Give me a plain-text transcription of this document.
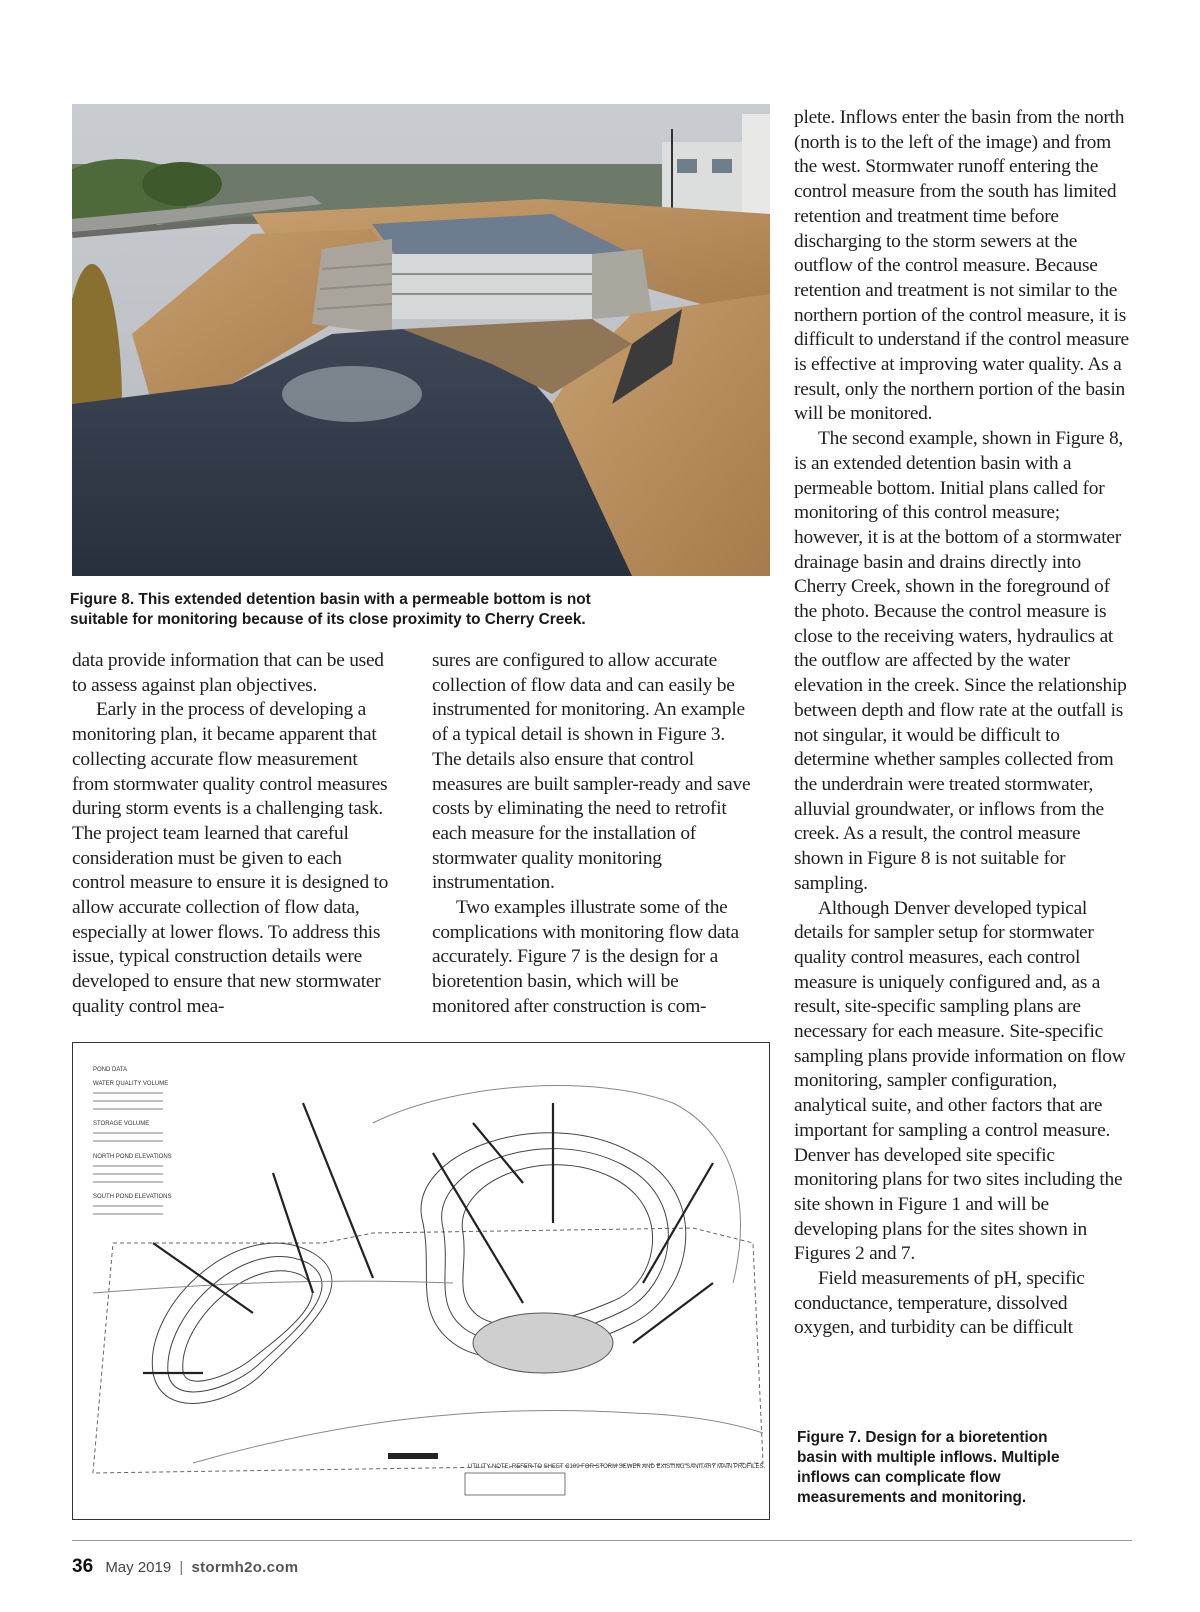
Figure 8. This extended detention basin with a permeable bottom is not
suitable for monitoring because of its close proximity to Cherry Creek.

data provide information that can be used to assess against plan objectives.

Early in the process of developing a monitoring plan, it became apparent that collecting accurate flow measurement from stormwater quality control measures during storm events is a challenging task. The project team learned that careful consideration must be given to each control measure to ensure it is designed to allow accurate collection of flow data, especially at lower flows. To address this issue, typical construction details were developed to ensure that new stormwater quality control mea-

sures are configured to allow accurate collection of flow data and can easily be instrumented for monitoring. An example of a typical detail is shown in Figure 3. The details also ensure that control measures are built sampler-ready and save costs by eliminating the need to retrofit each measure for the installation of stormwater quality monitoring instrumentation.

Two examples illustrate some of the complications with monitoring flow data accurately. Figure 7 is the design for a bioretention basin, which will be monitored after construction is com-

plete. Inflows enter the basin from the north (north is to the left of the image) and from the west. Stormwater runoff entering the control measure from the south has limited retention and treatment time before discharging to the storm sewers at the outflow of the control measure. Because retention and treatment is not similar to the northern portion of the control measure, it is difficult to understand if the control measure is effective at improving water quality. As a result, only the northern portion of the basin will be monitored.

The second example, shown in Figure 8, is an extended detention basin with a permeable bottom. Initial plans called for monitoring of this control measure; however, it is at the bottom of a stormwater drainage basin and drains directly into Cherry Creek, shown in the foreground of the photo. Because the control measure is close to the receiving waters, hydraulics at the outflow are affected by the water elevation in the creek. Since the relationship between depth and flow rate at the outfall is not singular, it would be difficult to determine whether samples collected from the underdrain were treated stormwater, alluvial groundwater, or inflows from the creek. As a result, the control measure shown in Figure 8 is not suitable for sampling.

Although Denver developed typical details for sampler setup for stormwater quality control measures, each control measure is uniquely configured and, as a result, site-specific sampling plans are necessary for each measure. Site-specific sampling plans provide information on flow monitoring, sampler configuration, analytical suite, and other factors that are important for sampling a control measure. Denver has developed site specific monitoring plans for two sites including the site shown in Figure 1 and will be developing plans for the sites shown in Figures 2 and 7.

Field measurements of pH, specific conductance, temperature, dissolved oxygen, and turbidity can be difficult

POND DATA
WATER QUALITY VOLUME
STORAGE VOLUME
NORTH POND ELEVATIONS
SOUTH POND ELEVATIONS
UTILITY NOTE: REFER TO SHEET C109 FOR STORM SEWER AND EXISTING SANITARY MAIN PROFILES.

Figure 7. Design for a bioretention
basin with multiple inflows. Multiple
inflows can complicate flow
measurements and monitoring.

36 May 2019 | stormh2o.com
